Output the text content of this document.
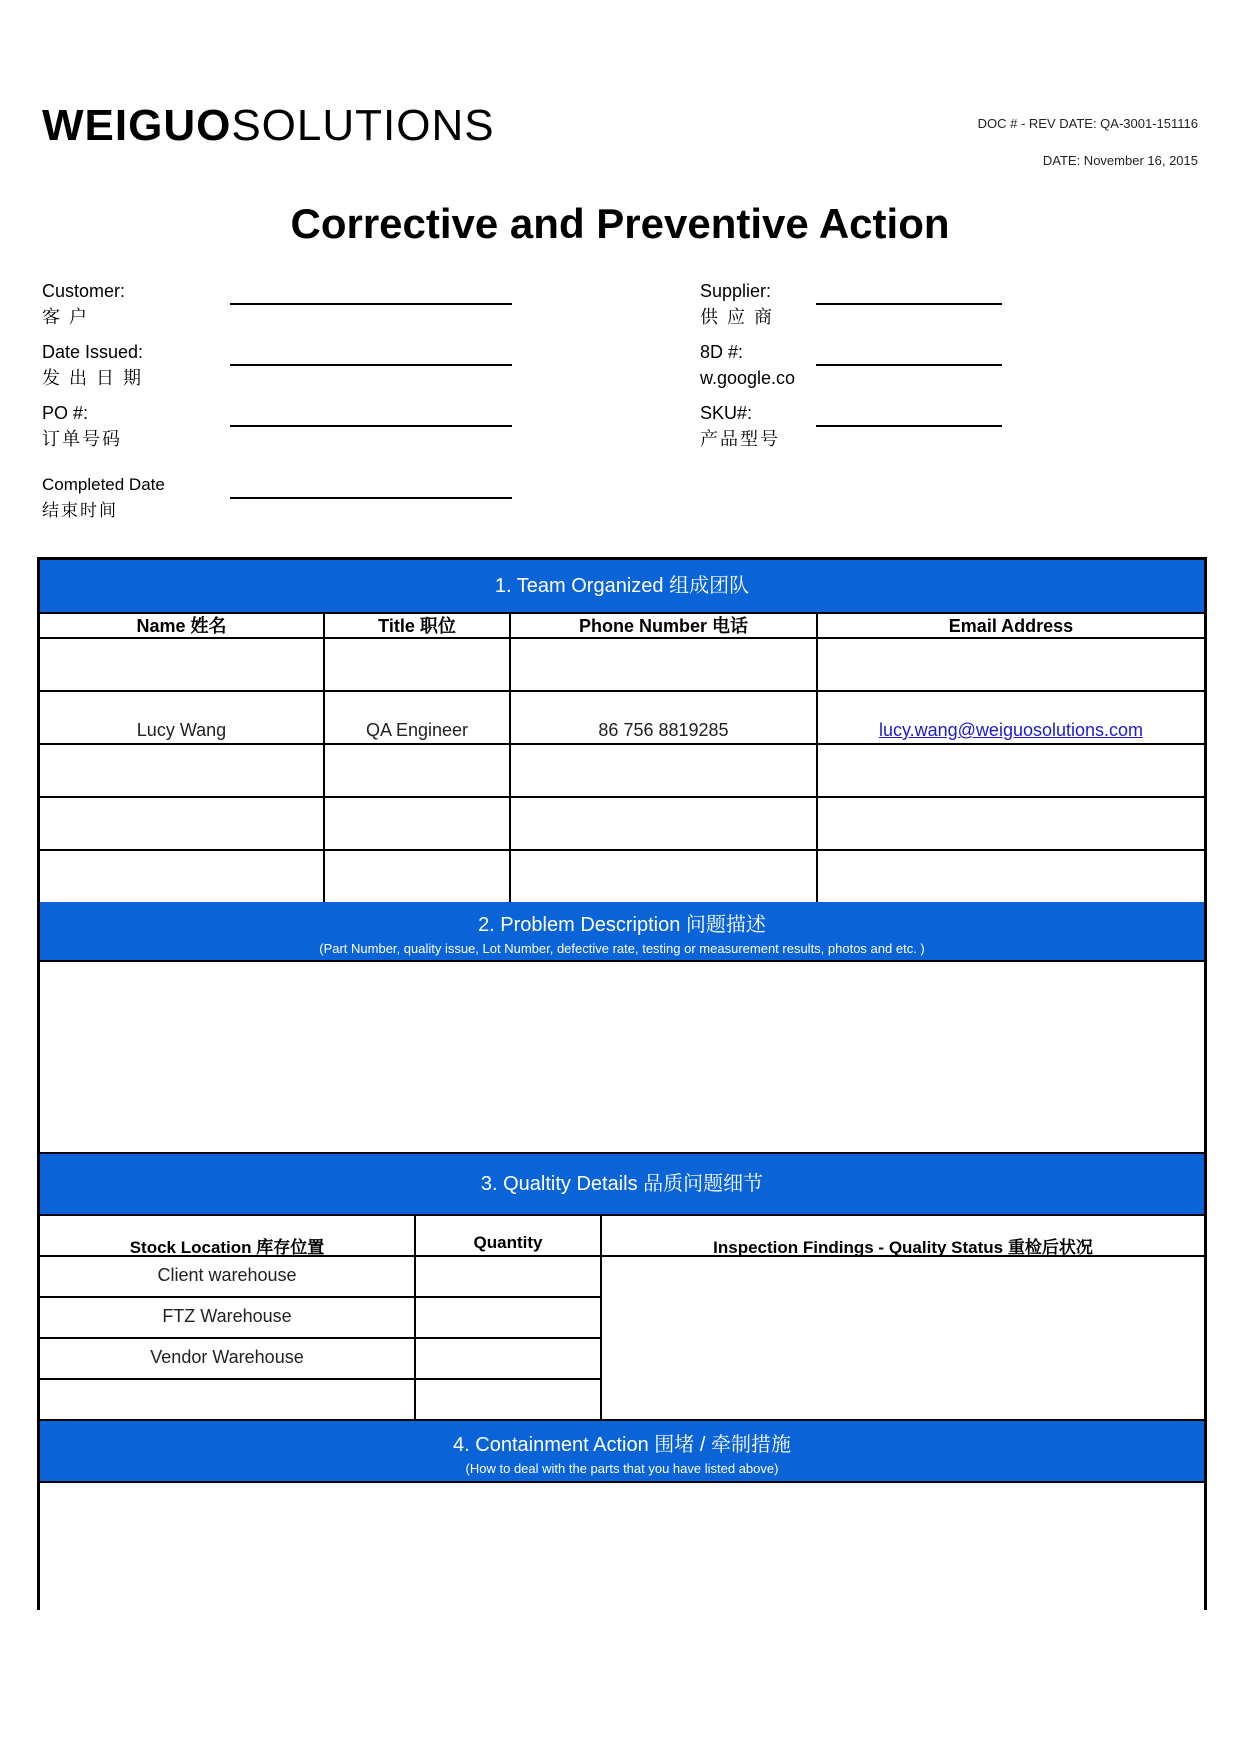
WEIGUOSOLUTIONS	DOC # - REV DATE: QA-3001-151116
DATE: November 16, 2015
Corrective and Preventive Action
Customer:
客 户
Date Issued:
发 出 日 期
PO #:
订单号码
Completed Date
结束时间
Supplier:
供 应 商
8D #:
w.google.co
SKU#:
产品型号
1. Team Organized 组成团队
Name 姓名	Title 职位	Phone Number 电话	Email Address
Lucy Wang	QA Engineer	86 756 8819285	lucy.wang@weiguosolutions.com
2. Problem Description 问题描述
(Part Number, quality issue, Lot Number, defective rate, testing or measurement results, photos and etc. )
3. Qualtity Details 品质问题细节
Stock Location 库存位置	Quantity	Inspection Findings - Quality Status 重检后状况
Client warehouse
FTZ Warehouse
Vendor Warehouse
4. Containment Action 围堵 / 牵制措施
(How to deal with the parts that you have listed above)
